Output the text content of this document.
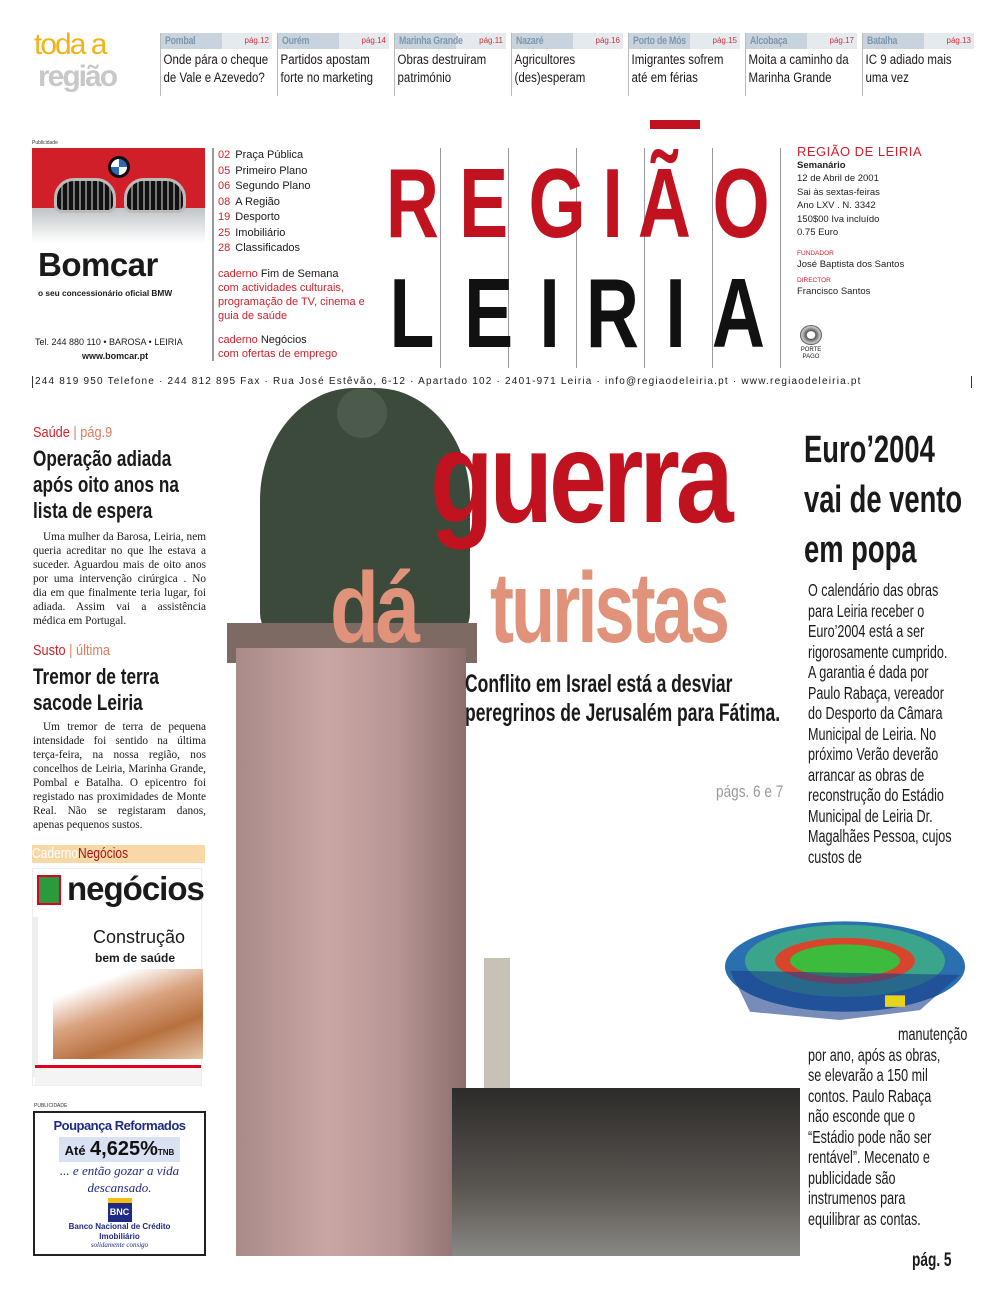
toda a
região
Pombal	pág.12
Onde pára o cheque de Vale e Azevedo?
Ourém	pág.14
Partidos apostam forte no marketing
Marinha Grande pág.11
Obras destruiram património
Nazaré	pág.16
Agricultores (des)esperam
Porto de Mós	pág.15
Imigrantes sofrem até em férias
Alcobaça	pág.17
Moita a caminho da Marinha Grande
Batalha	pág.13
IC 9 adiado mais uma vez
Publicidade
Bomcar
o seu concessionário oficial BMW
Tel. 244 880 110 • BAROSA • LEIRIA
www.bomcar.pt
02 Praça Pública
05 Primeiro Plano
06 Segundo Plano
08 A Região
19 Desporto
25 Imobiliário
28 Classificados
caderno Fim de Semana
com actividades culturais, programação de TV, cinema e guia de saúde
caderno Negócios
com ofertas de emprego
R E G I Ã O
L E I R I A
REGIÃO DE LEIRIA
Semanário
12 de Abril de 2001
Sai às sextas-feiras
Ano LXV . N. 3342
150$00 Iva incluído
0.75 Euro
FUNDADOR
José Baptista dos Santos
DIRECTOR
Francisco Santos
PORTE
PAGO
244 819 950 Telefone · 244 812 895 Fax · Rua José Estêvão, 6-12 · Apartado 102 · 2401-971 Leiria · info@regiaodeleiria.pt · www.regiaodeleiria.pt
guerra
dá turistas
Conflito em Israel está a desviar peregrinos de Jerusalém para Fátima.
págs. 6 e 7
Saúde | pág.9
Operação adiada após oito anos na lista de espera
Uma mulher da Barosa, Leiria, nem queria acreditar no que lhe estava a suceder. Aguardou mais de oito anos por uma intervenção cirúrgica . No dia em que finalmente teria lugar, foi adiada. Assim vai a assistência médica em Portugal.
Susto | última
Tremor de terra sacode Leiria
Um tremor de terra de pequena intensidade foi sentido na última terça-feira, na nossa região, nos concelhos de Leiria, Marinha Grande, Pombal e Batalha. O epicentro foi registado nas proximidades de Monte Real. Não se registaram danos, apenas pequenos sustos.
CadernoNegócios
negócios
Construção
bem de saúde
PUBLICIDADE
Poupança Reformados
Até 4,625%TNB
... e então gozar a vida descansado.
BNC
Banco Nacional de Crédito Imobiliário
solidamente consigo
Euro’2004
vai de vento
em popa
O calendário das obras para Leiria receber o Euro’2004 está a ser rigorosamente cumprido. A garantia é dada por Paulo Rabaça, vereador do Desporto da Câmara Municipal de Leiria. No próximo Verão deverão arrancar as obras de reconstrução do Estádio Municipal de Leiria Dr. Magalhães Pessoa, cujos custos de
manutenção por ano, após as obras, se elevarão a 150 mil contos. Paulo Rabaça não esconde que o “Estádio pode não ser rentável”. Mecenato e publicidade são instrumenos para equilibrar as contas.
pág. 5
